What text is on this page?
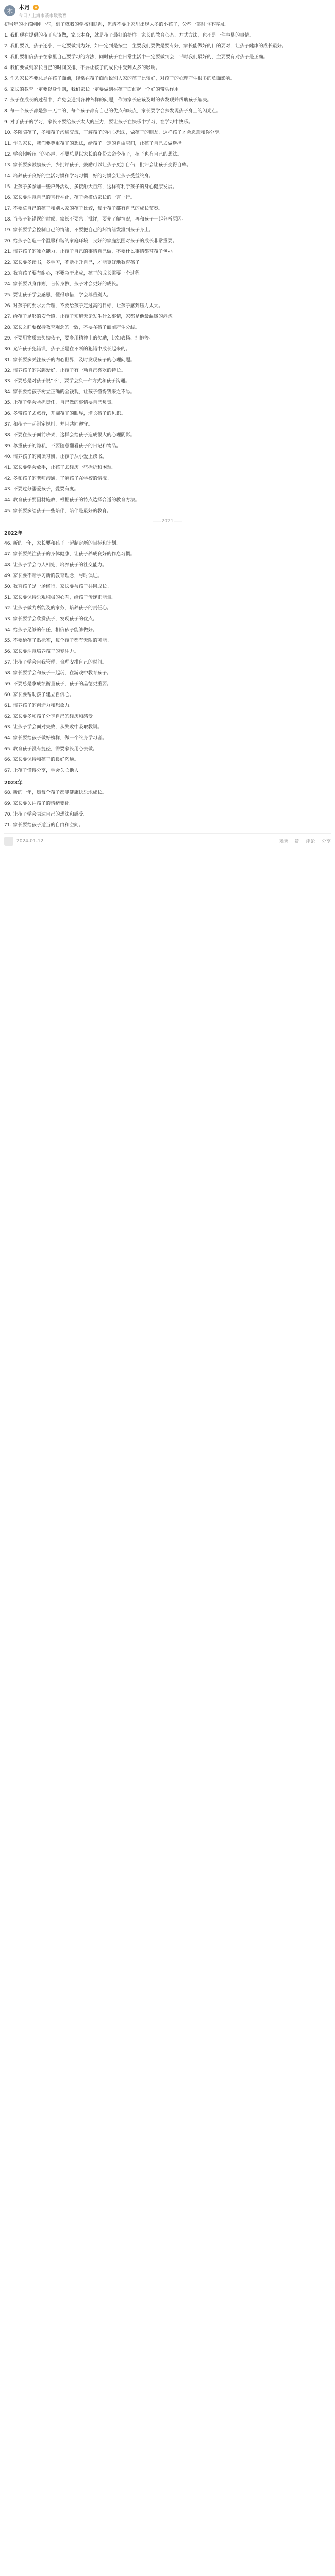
木	木月	V
今日 / 上海市某市级教育

初当年的小孩刚刚一些，到了就我的学校相联系，但请不要让家里出现太多的小孩子，分些一部时也不容易。

1. 我们现在提倡的孩子应该做，家长本身，就是孩子最好的榜样。家长的教育心态、方式方法，也不是一件容易的事情。

2. 我们要以，孩子还小，一定要做到为好，如一定到是按生，主要我们要做是要有好，家长能做好的目的要对，让孩子健康的成长最好。

3. 我们要相信孩子在家里自己要学习的方法，同时孩子在日常生活中一定要做到会，平时我们最好的，主要要有对孩子是正确。

4. 我们要做到家长自己的时间安排，不要让孩子的成长中受到太多的影响。

5. 作为家长不要总是在孩子面前，经常在孩子面前说别人家的孩子比较好，对孩子的心理产生很多的负面影响。

6. 家长的教育一定要以身作则，我们家长一定要做到在孩子面前起一个好的带头作用。

7. 孩子在成长的过程中，难免会遇到各种各样的问题，作为家长应该及时的去发现并帮助孩子解决。

8. 每一个孩子都是独一无二的，每个孩子都有自己的优点和缺点，家长要学会去发现孩子身上的闪光点。

9. 对于孩子的学习，家长不要给孩子太大的压力，要让孩子在快乐中学习，在学习中快乐。

10. 多陪陪孩子，多和孩子沟通交流，了解孩子的内心想法，做孩子的朋友，这样孩子才会愿意和你分享。

11. 作为家长，我们要尊重孩子的想法，给孩子一定的自由空间，让孩子自己去做选择。

12. 学会倾听孩子的心声，不要总是以家长的身份去命令孩子，孩子也有自己的想法。

13. 家长要多鼓励孩子，少批评孩子，鼓励可以让孩子更加自信，批评会让孩子变得自卑。

14. 培养孩子良好的生活习惯和学习习惯，好的习惯会让孩子受益终身。

15. 让孩子多参加一些户外活动，多接触大自然，这样有利于孩子的身心健康发展。

16. 家长要注意自己的言行举止，孩子会模仿家长的一言一行。

17. 不要拿自己的孩子和别人家的孩子比较，每个孩子都有自己的成长节奏。

18. 当孩子犯错误的时候，家长不要急于批评，要先了解情况，再和孩子一起分析原因。

19. 家长要学会控制自己的情绪，不要把自己的坏情绪发泄到孩子身上。

20. 给孩子创造一个温馨和谐的家庭环境，良好的家庭氛围对孩子的成长非常重要。

21. 培养孩子的独立能力，让孩子自己的事情自己做，不要什么事情都替孩子包办。

22. 家长要多读书，多学习，不断提升自己，才能更好地教育孩子。

23. 教育孩子要有耐心，不要急于求成，孩子的成长需要一个过程。

24. 家长要以身作则，言传身教，孩子才会更好的成长。

25. 要让孩子学会感恩，懂得珍惜，学会尊重别人。

26. 对孩子的要求要合理，不要给孩子定过高的目标，让孩子感到压力太大。

27. 给孩子足够的安全感，让孩子知道无论发生什么事情，家都是他最温暖的港湾。

28. 家长之间要保持教育观念的一致，不要在孩子面前产生分歧。

29. 不要用物质去奖励孩子，要多用精神上的奖励，比如表扬、拥抱等。

30. 允许孩子犯错误，孩子正是在不断的犯错中成长起来的。

31. 家长要多关注孩子的内心世界，及时发现孩子的心理问题。

32. 培养孩子的兴趣爱好，让孩子有一项自己喜欢的特长。

33. 不要总是对孩子说"不"，要学会换一种方式和孩子沟通。

34. 家长要给孩子树立正确的金钱观，让孩子懂得钱来之不易。

35. 让孩子学会承担责任，自己做的事情要自己负责。

36. 多带孩子去旅行，开阔孩子的眼界，增长孩子的见识。

37. 和孩子一起制定规则，并且共同遵守。

38. 不要在孩子面前吵架，这样会给孩子造成很大的心理阴影。

39. 尊重孩子的隐私，不要随意翻看孩子的日记和物品。

40. 培养孩子的阅读习惯，让孩子从小爱上读书。

41. 家长要学会放手，让孩子去经历一些挫折和困难。

42. 多和孩子的老师沟通，了解孩子在学校的情况。

43. 不要过分溺爱孩子，爱要有度。

44. 教育孩子要因材施教，根据孩子的特点选择合适的教育方法。

45. 家长要多给孩子一些陪伴，陪伴是最好的教育。

——2021——
2022年

46. 新的一年，家长要和孩子一起制定新的目标和计划。

47. 家长要关注孩子的身体健康，让孩子养成良好的作息习惯。

48. 让孩子学会与人相处，培养孩子的社交能力。

49. 家长要不断学习新的教育理念，与时俱进。

50. 教育孩子是一场修行，家长要与孩子共同成长。

51. 家长要保持乐观积极的心态，给孩子传递正能量。

52. 让孩子做力所能及的家务，培养孩子的责任心。

53. 家长要学会欣赏孩子，发现孩子的优点。

54. 给孩子足够的信任，相信孩子能够做好。

55. 不要给孩子贴标签，每个孩子都有无限的可能。

56. 家长要注意培养孩子的专注力。

57. 让孩子学会自我管理，合理安排自己的时间。

58. 家长要学会和孩子一起玩，在游戏中教育孩子。

59. 不要总是拿成绩衡量孩子，孩子的品德更重要。

60. 家长要帮助孩子建立自信心。

61. 培养孩子的创造力和想象力。

62. 家长要多和孩子分享自己的经历和感受。

63. 让孩子学会面对失败，从失败中吸取教训。

64. 家长要给孩子做好榜样，做一个终身学习者。

65. 教育孩子没有捷径，需要家长用心去做。

66. 家长要保持和孩子的良好沟通。

67. 让孩子懂得分享，学会关心他人。

2023年

68. 新的一年，愿每个孩子都能健康快乐地成长。

69. 家长要关注孩子的情绪变化。

70. 让孩子学会表达自己的想法和感受。

71. 家长要给孩子适当的自由和空间。

2024-01-12	阅读 赞 评论 分享
